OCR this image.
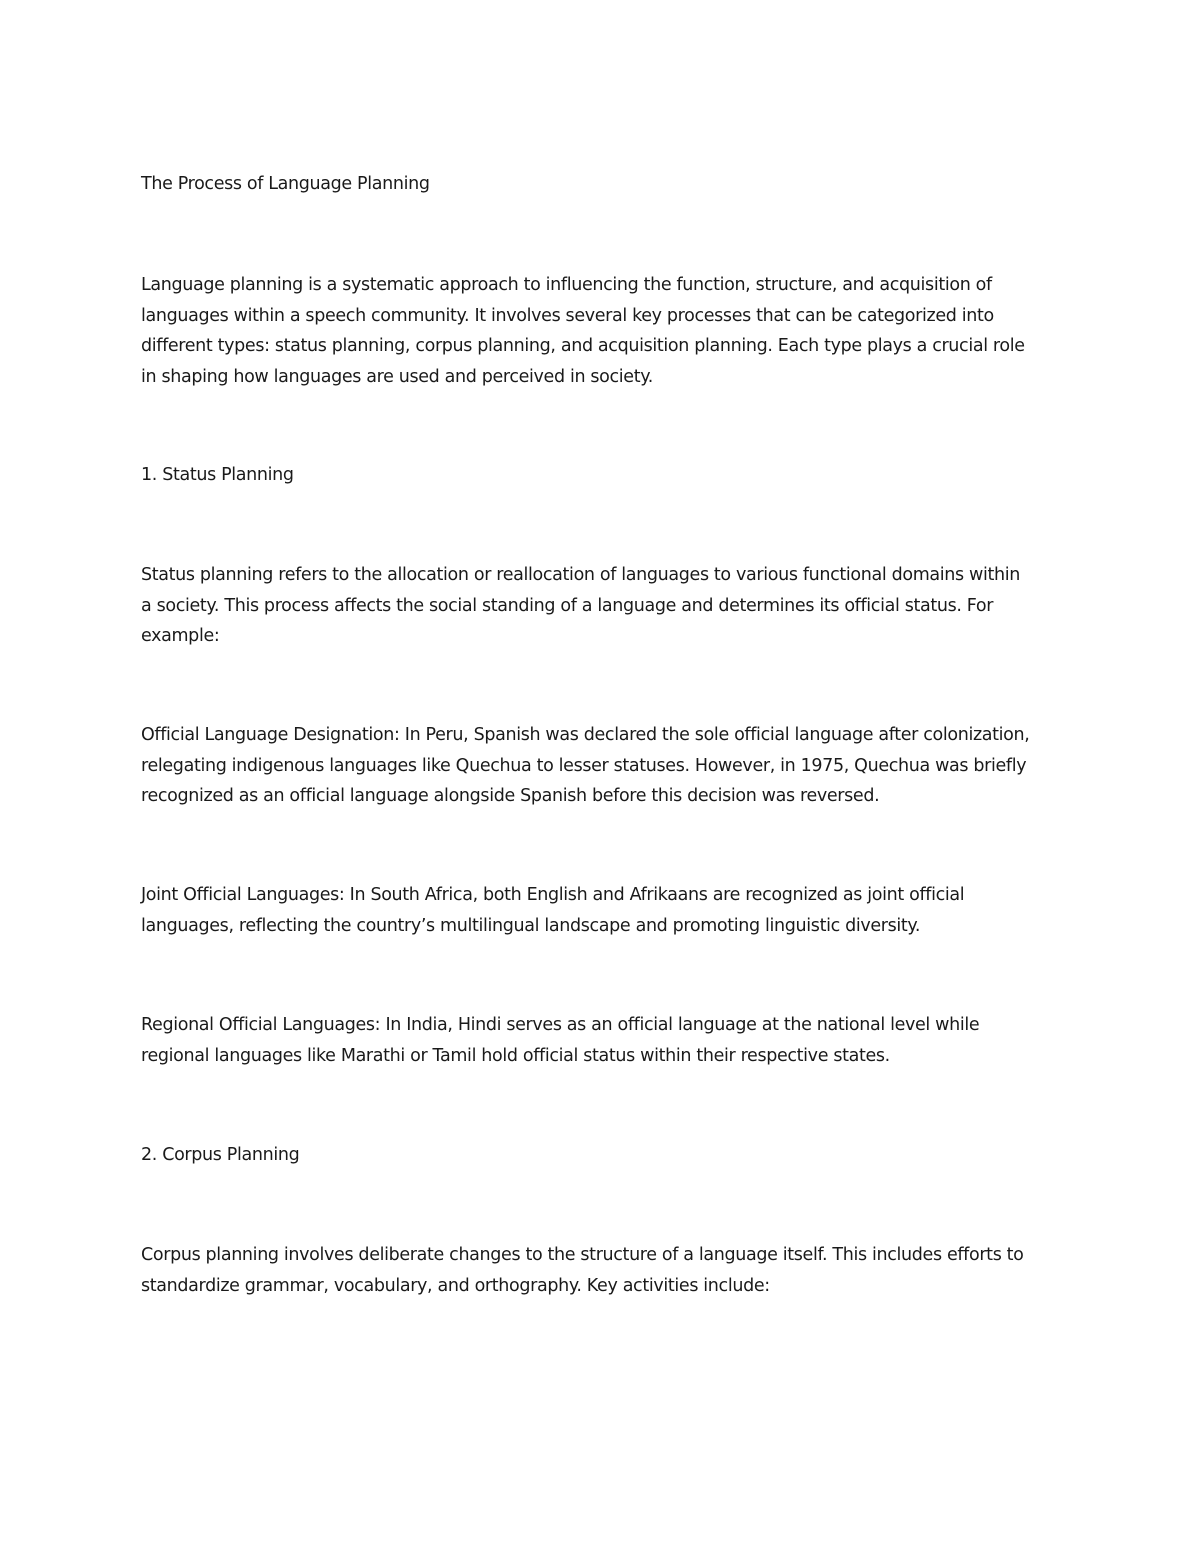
The Process of Language Planning

Language planning is a systematic approach to influencing the function, structure, and acquisition of
languages within a speech community. It involves several key processes that can be categorized into
different types: status planning, corpus planning, and acquisition planning. Each type plays a crucial role
in shaping how languages are used and perceived in society.

1. Status Planning

Status planning refers to the allocation or reallocation of languages to various functional domains within
a society. This process affects the social standing of a language and determines its official status. For
example:

Official Language Designation: In Peru, Spanish was declared the sole official language after colonization,
relegating indigenous languages like Quechua to lesser statuses. However, in 1975, Quechua was briefly
recognized as an official language alongside Spanish before this decision was reversed.

Joint Official Languages: In South Africa, both English and Afrikaans are recognized as joint official
languages, reflecting the country’s multilingual landscape and promoting linguistic diversity.

Regional Official Languages: In India, Hindi serves as an official language at the national level while
regional languages like Marathi or Tamil hold official status within their respective states.

2. Corpus Planning

Corpus planning involves deliberate changes to the structure of a language itself. This includes efforts to
standardize grammar, vocabulary, and orthography. Key activities include:
